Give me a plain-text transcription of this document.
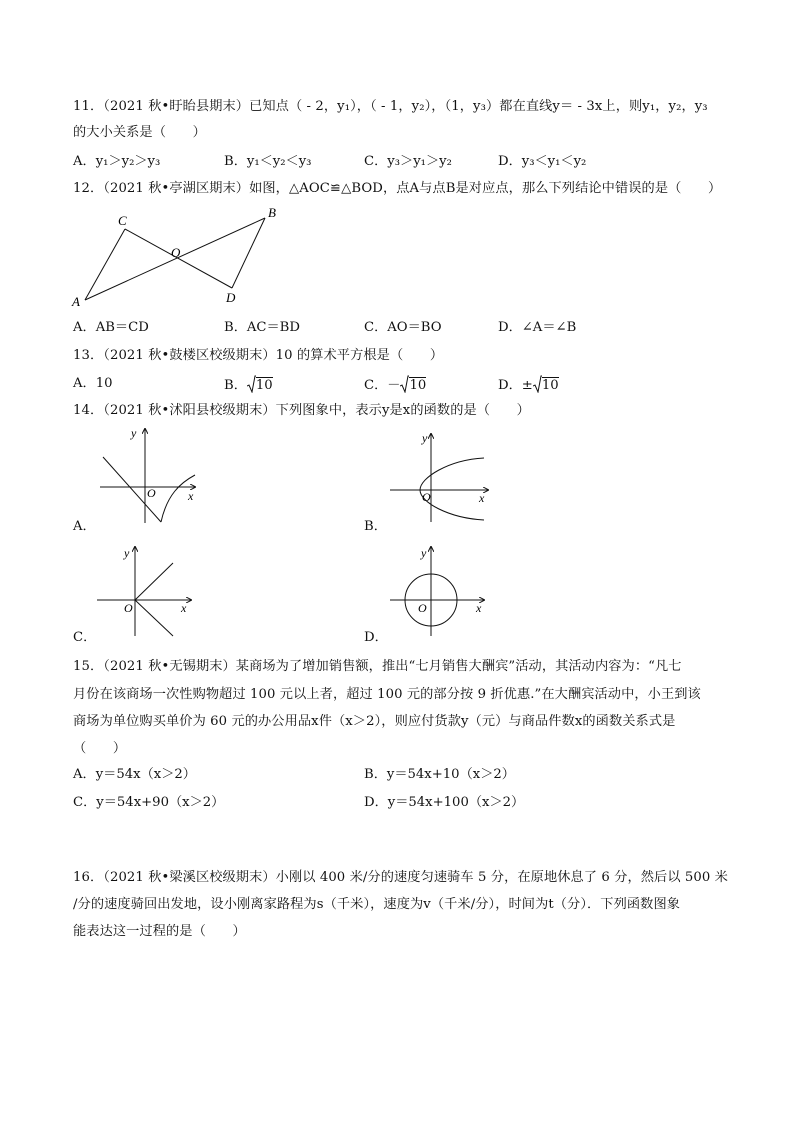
11．（2021 秋•盱眙县期末）已知点（ - 2，y₁），（ - 1，y₂），（1，y₃）都在直线y＝ - 3x上，则y₁，y₂，y₃
的大小关系是（　　）
A．y₁＞y₂＞y₃	B．y₁＜y₂＜y₃	C．y₃＞y₁＞y₂	D．y₃＜y₁＜y₂
12．（2021 秋•亭湖区期末）如图，△AOC≌△BOD，点A与点B是对应点，那么下列结论中错误的是（　　）
A
C
O
B
D
A．AB＝CD	B．AC＝BD	C．AO＝BO	D．∠A＝∠B
13．（2021 秋•鼓楼区校级期末）10 的算术平方根是（　　）
A．10	B． 10	C．－ 10	D．± 10
14．（2021 秋•沭阳县校级期末）下列图象中，表示y是x的函数的是（　　）
y
x
O
A．
y
x
O
B．
y
x
O
C．
y
x
O
D．
15．（2021 秋•无锡期末）某商场为了增加销售额，推出“七月销售大酬宾”活动，其活动内容为：“凡七
月份在该商场一次性购物超过 100 元以上者，超过 100 元的部分按 9 折优惠.”在大酬宾活动中，小王到该
商场为单位购买单价为 60 元的办公用品x件（x＞2），则应付货款y（元）与商品件数x的函数关系式是
（　　）
A．y＝54x（x＞2）	B．y＝54x+10（x＞2）
C．y＝54x+90（x＞2）	D．y＝54x+100（x＞2）
16．（2021 秋•梁溪区校级期末）小刚以 400 米/分的速度匀速骑车 5 分，在原地休息了 6 分，然后以 500 米
/分的速度骑回出发地，设小刚离家路程为s（千米），速度为v（千米/分），时间为t（分）．下列函数图象
能表达这一过程的是（　　）
